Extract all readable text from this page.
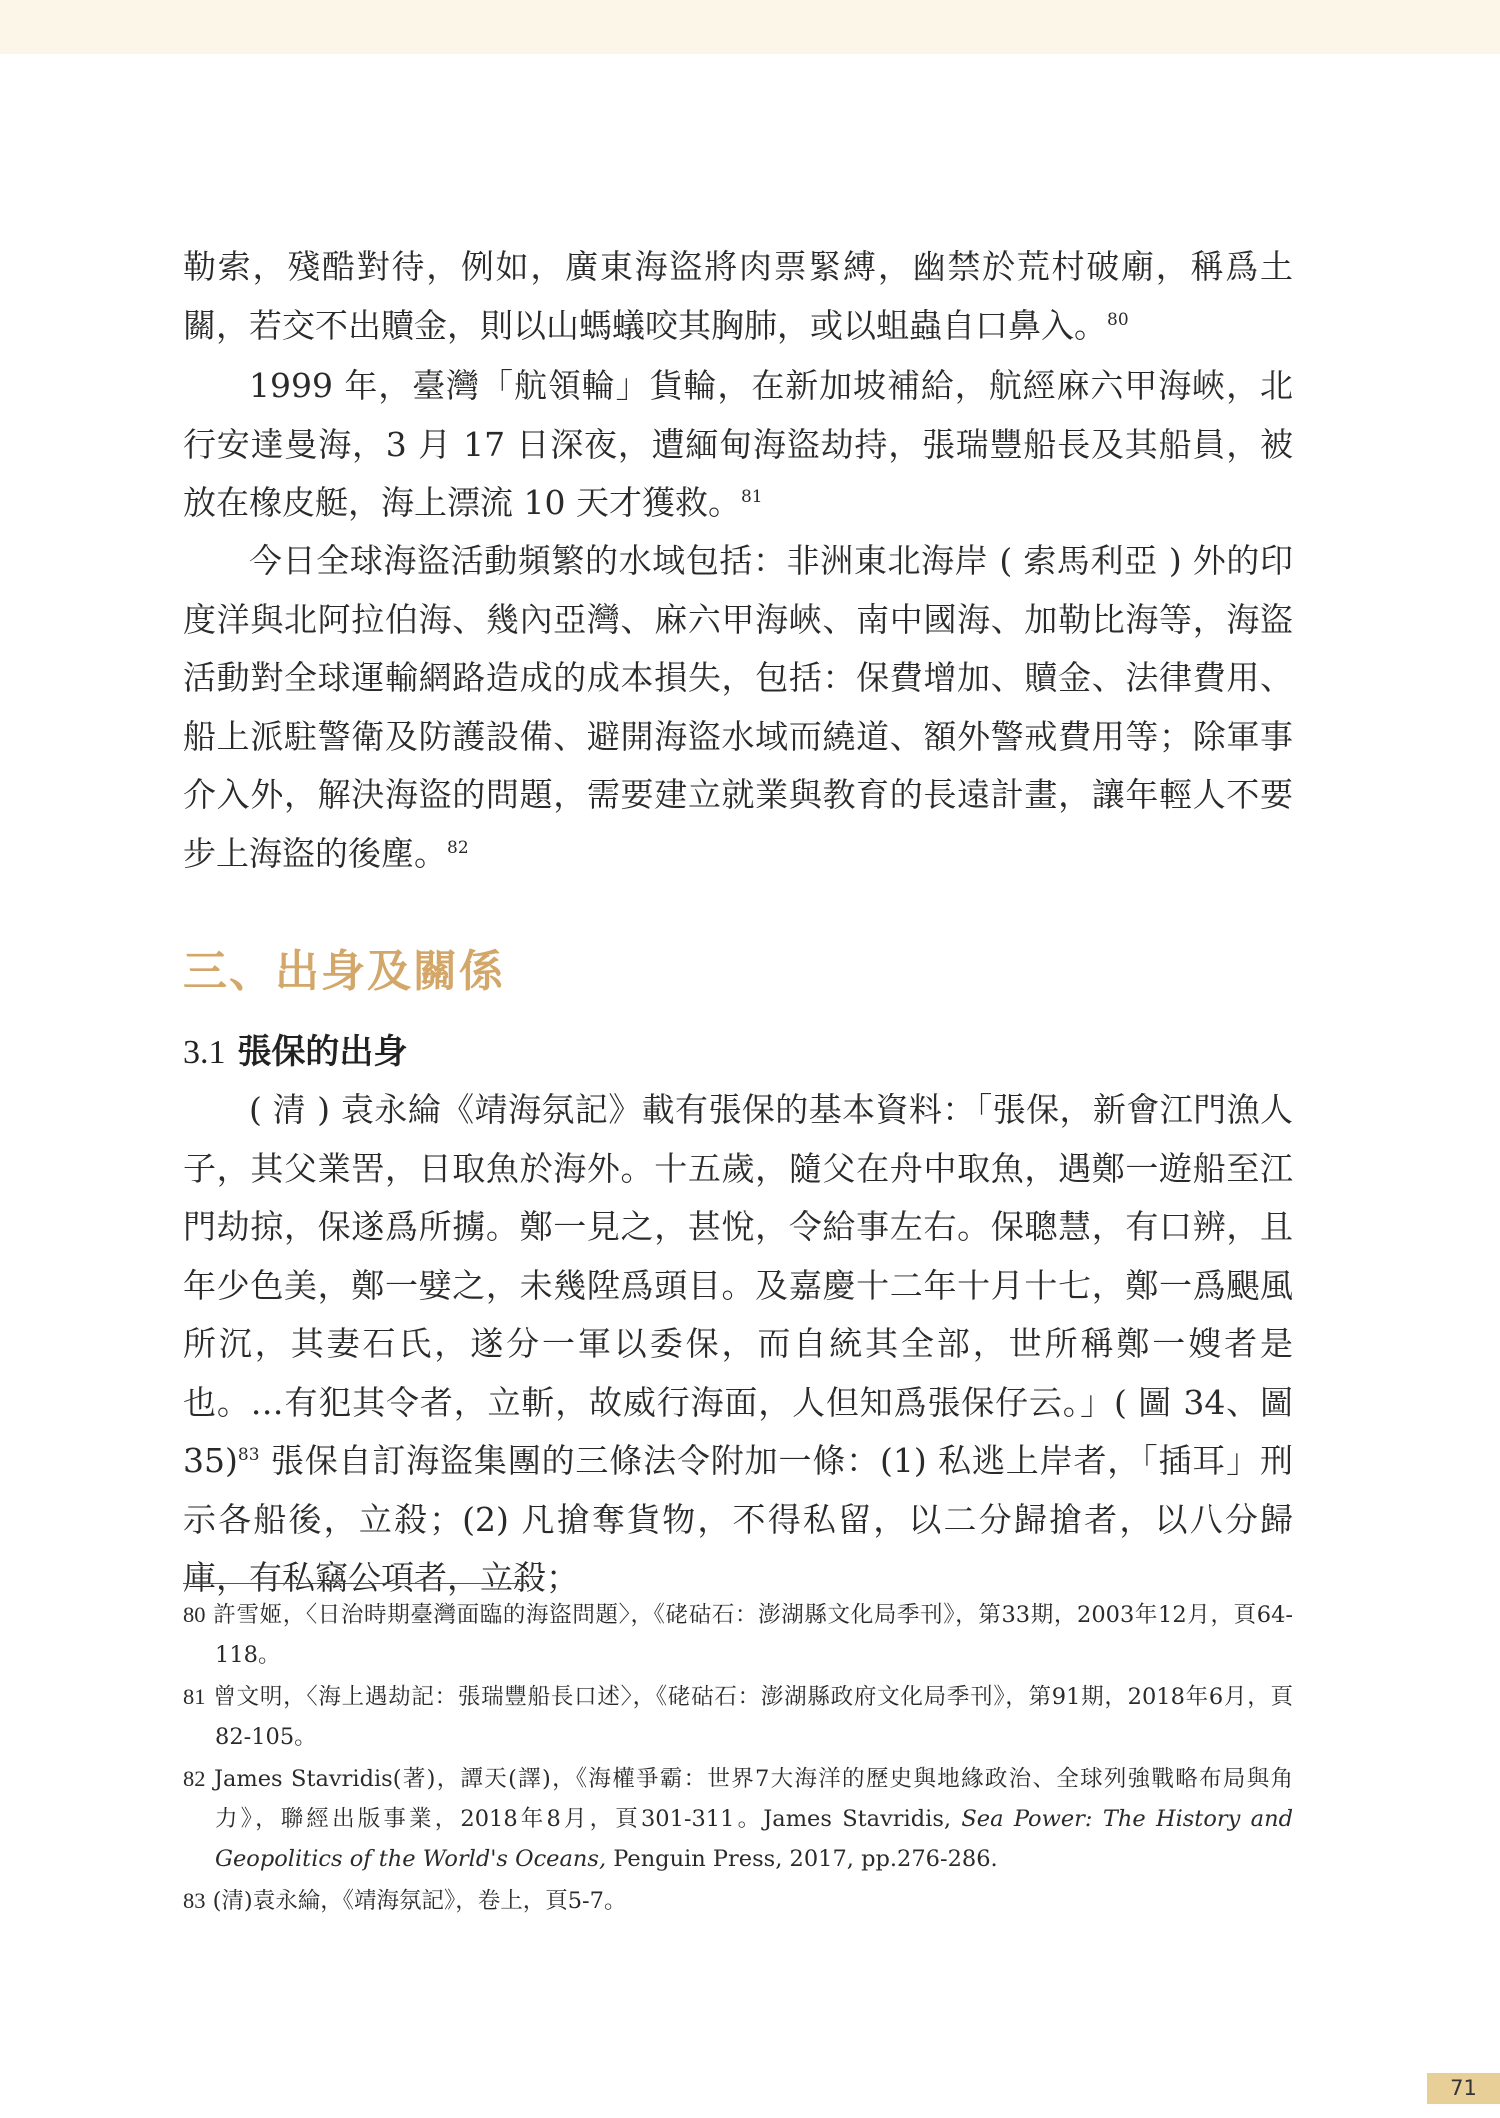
勒索，殘酷對待，例如，廣東海盜將肉票緊縛，幽禁於荒村破廟，稱爲土關，若交不出贖金，則以山螞蟻咬其胸肺，或以蛆蟲自口鼻入。$^{80}$

1999 年，臺灣「航領輪」貨輪，在新加坡補給，航經麻六甲海峽，北行安達曼海，3 月 17 日深夜，遭緬甸海盜劫持，張瑞豐船長及其船員，被放在橡皮艇，海上漂流 10 天才獲救。$^{81}$

今日全球海盜活動頻繁的水域包括：非洲東北海岸 ( 索馬利亞 ) 外的印度洋與北阿拉伯海、幾內亞灣、麻六甲海峽、南中國海、加勒比海等，海盜活動對全球運輸網路造成的成本損失，包括：保費增加、贖金、法律費用、船上派駐警衛及防護設備、避開海盜水域而繞道、額外警戒費用等；除軍事介入外，解決海盜的問題，需要建立就業與教育的長遠計畫，讓年輕人不要步上海盜的後塵。$^{82}$

三、出身及關係
3.1 張保的出身

( 清 ) 袁永綸《靖海氛記》載有張保的基本資料：「張保，新會江門漁人子，其父業罟，日取魚於海外。十五歲，隨父在舟中取魚，遇鄭一遊船至江門劫掠，保遂爲所擄。鄭一見之，甚悅，令給事左右。保聰慧，有口辨，且年少色美，鄭一嬖之，未幾陞爲頭目。及嘉慶十二年十月十七，鄭一爲颶風所沉，其妻石氏，遂分一軍以委保，而自統其全部，世所稱鄭一嫂者是也。…有犯其令者，立斬，故威行海面，人但知爲張保仔云。」( 圖 34、圖 35)$^{83}$ 張保自訂海盜集團的三條法令附加一條：(1) 私逃上岸者，「插耳」刑示各船後，立殺；(2) 凡搶奪貨物，不得私留，以二分歸搶者，以八分歸庫，有私竊公項者，立殺；

80 許雪姬，〈日治時期臺灣面臨的海盜問題〉，《硓𥑮石：澎湖縣文化局季刊》，第33期，2003年12月，頁64-118。

81 曾文明，〈海上遇劫記：張瑞豐船長口述〉，《硓𥑮石：澎湖縣政府文化局季刊》，第91期，2018年6月，頁82-105。

82 James Stavridis(著)，譚天(譯)，《海權爭霸：世界7大海洋的歷史與地緣政治、全球列強戰略布局與角力》，聯經出版事業，2018年8月，頁301-311。James Stavridis, Sea Power: The History and Geopolitics of the World's Oceans, Penguin Press, 2017, pp.276-286.

83 (清)袁永綸，《靖海氛記》，卷上，頁5-7。

71
